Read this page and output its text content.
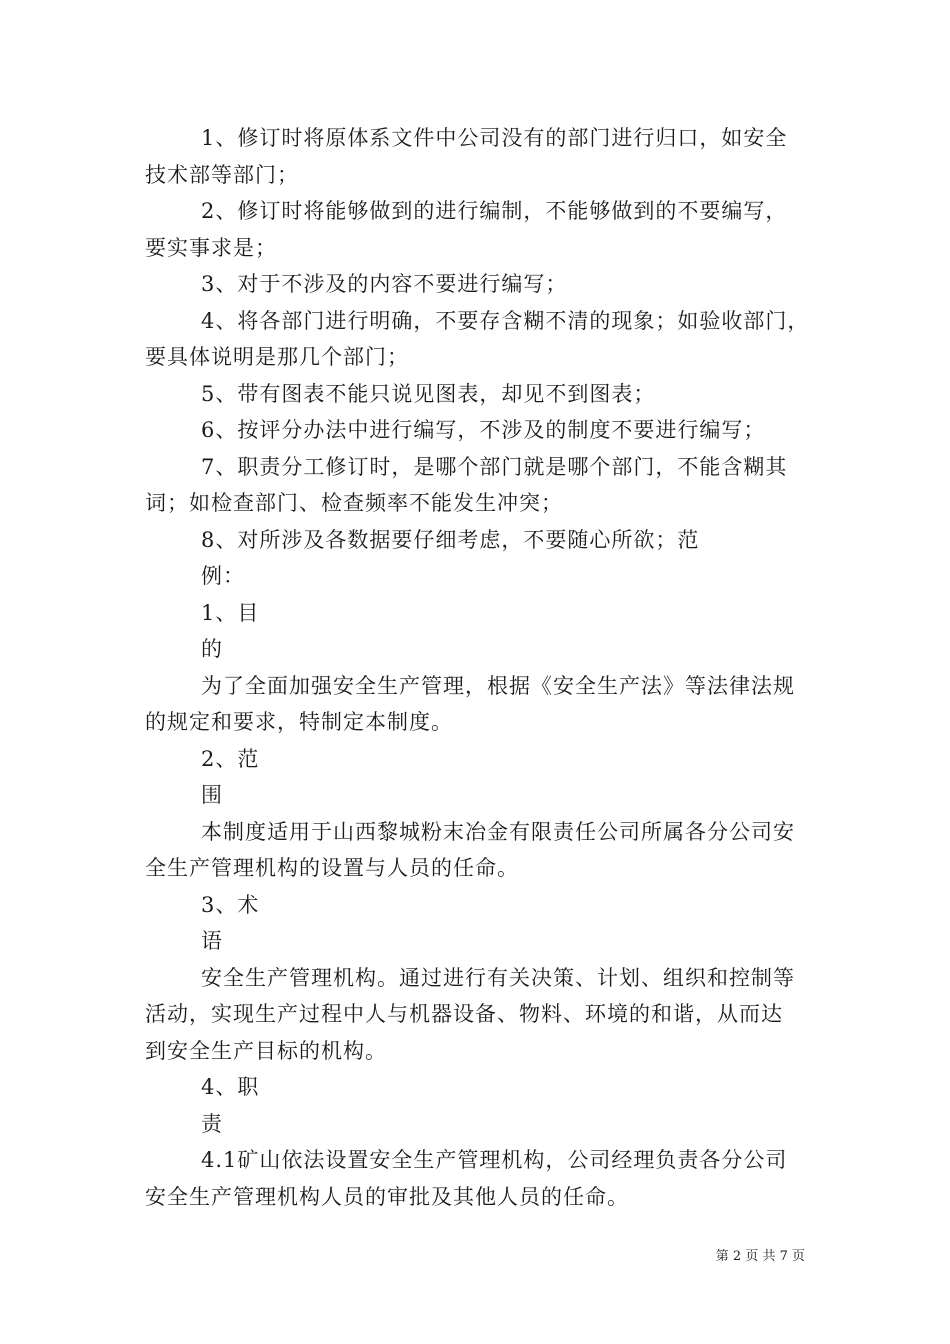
1、修订时将原体系文件中公司没有的部门进行归口，如安全
技术部等部门；
2、修订时将能够做到的进行编制，不能够做到的不要编写，
要实事求是；
3、对于不涉及的内容不要进行编写；
4、将各部门进行明确，不要存含糊不清的现象；如验收部门，
要具体说明是那几个部门；
5、带有图表不能只说见图表，却见不到图表；
6、按评分办法中进行编写，不涉及的制度不要进行编写；
7、职责分工修订时，是哪个部门就是哪个部门，不能含糊其
词；如检查部门、检查频率不能发生冲突；
8、对所涉及各数据要仔细考虑，不要随心所欲；范
例：
1、目
的
为了全面加强安全生产管理，根据《安全生产法》等法律法规
的规定和要求，特制定本制度。
2、范
围
本制度适用于山西黎城粉末冶金有限责任公司所属各分公司安
全生产管理机构的设置与人员的任命。
3、术
语
安全生产管理机构。通过进行有关决策、计划、组织和控制等
活动，实现生产过程中人与机器设备、物料、环境的和谐，从而达
到安全生产目标的机构。
4、职
责
4.1矿山依法设置安全生产管理机构，公司经理负责各分公司
安全生产管理机构人员的审批及其他人员的任命。
第 2 页 共 7 页
